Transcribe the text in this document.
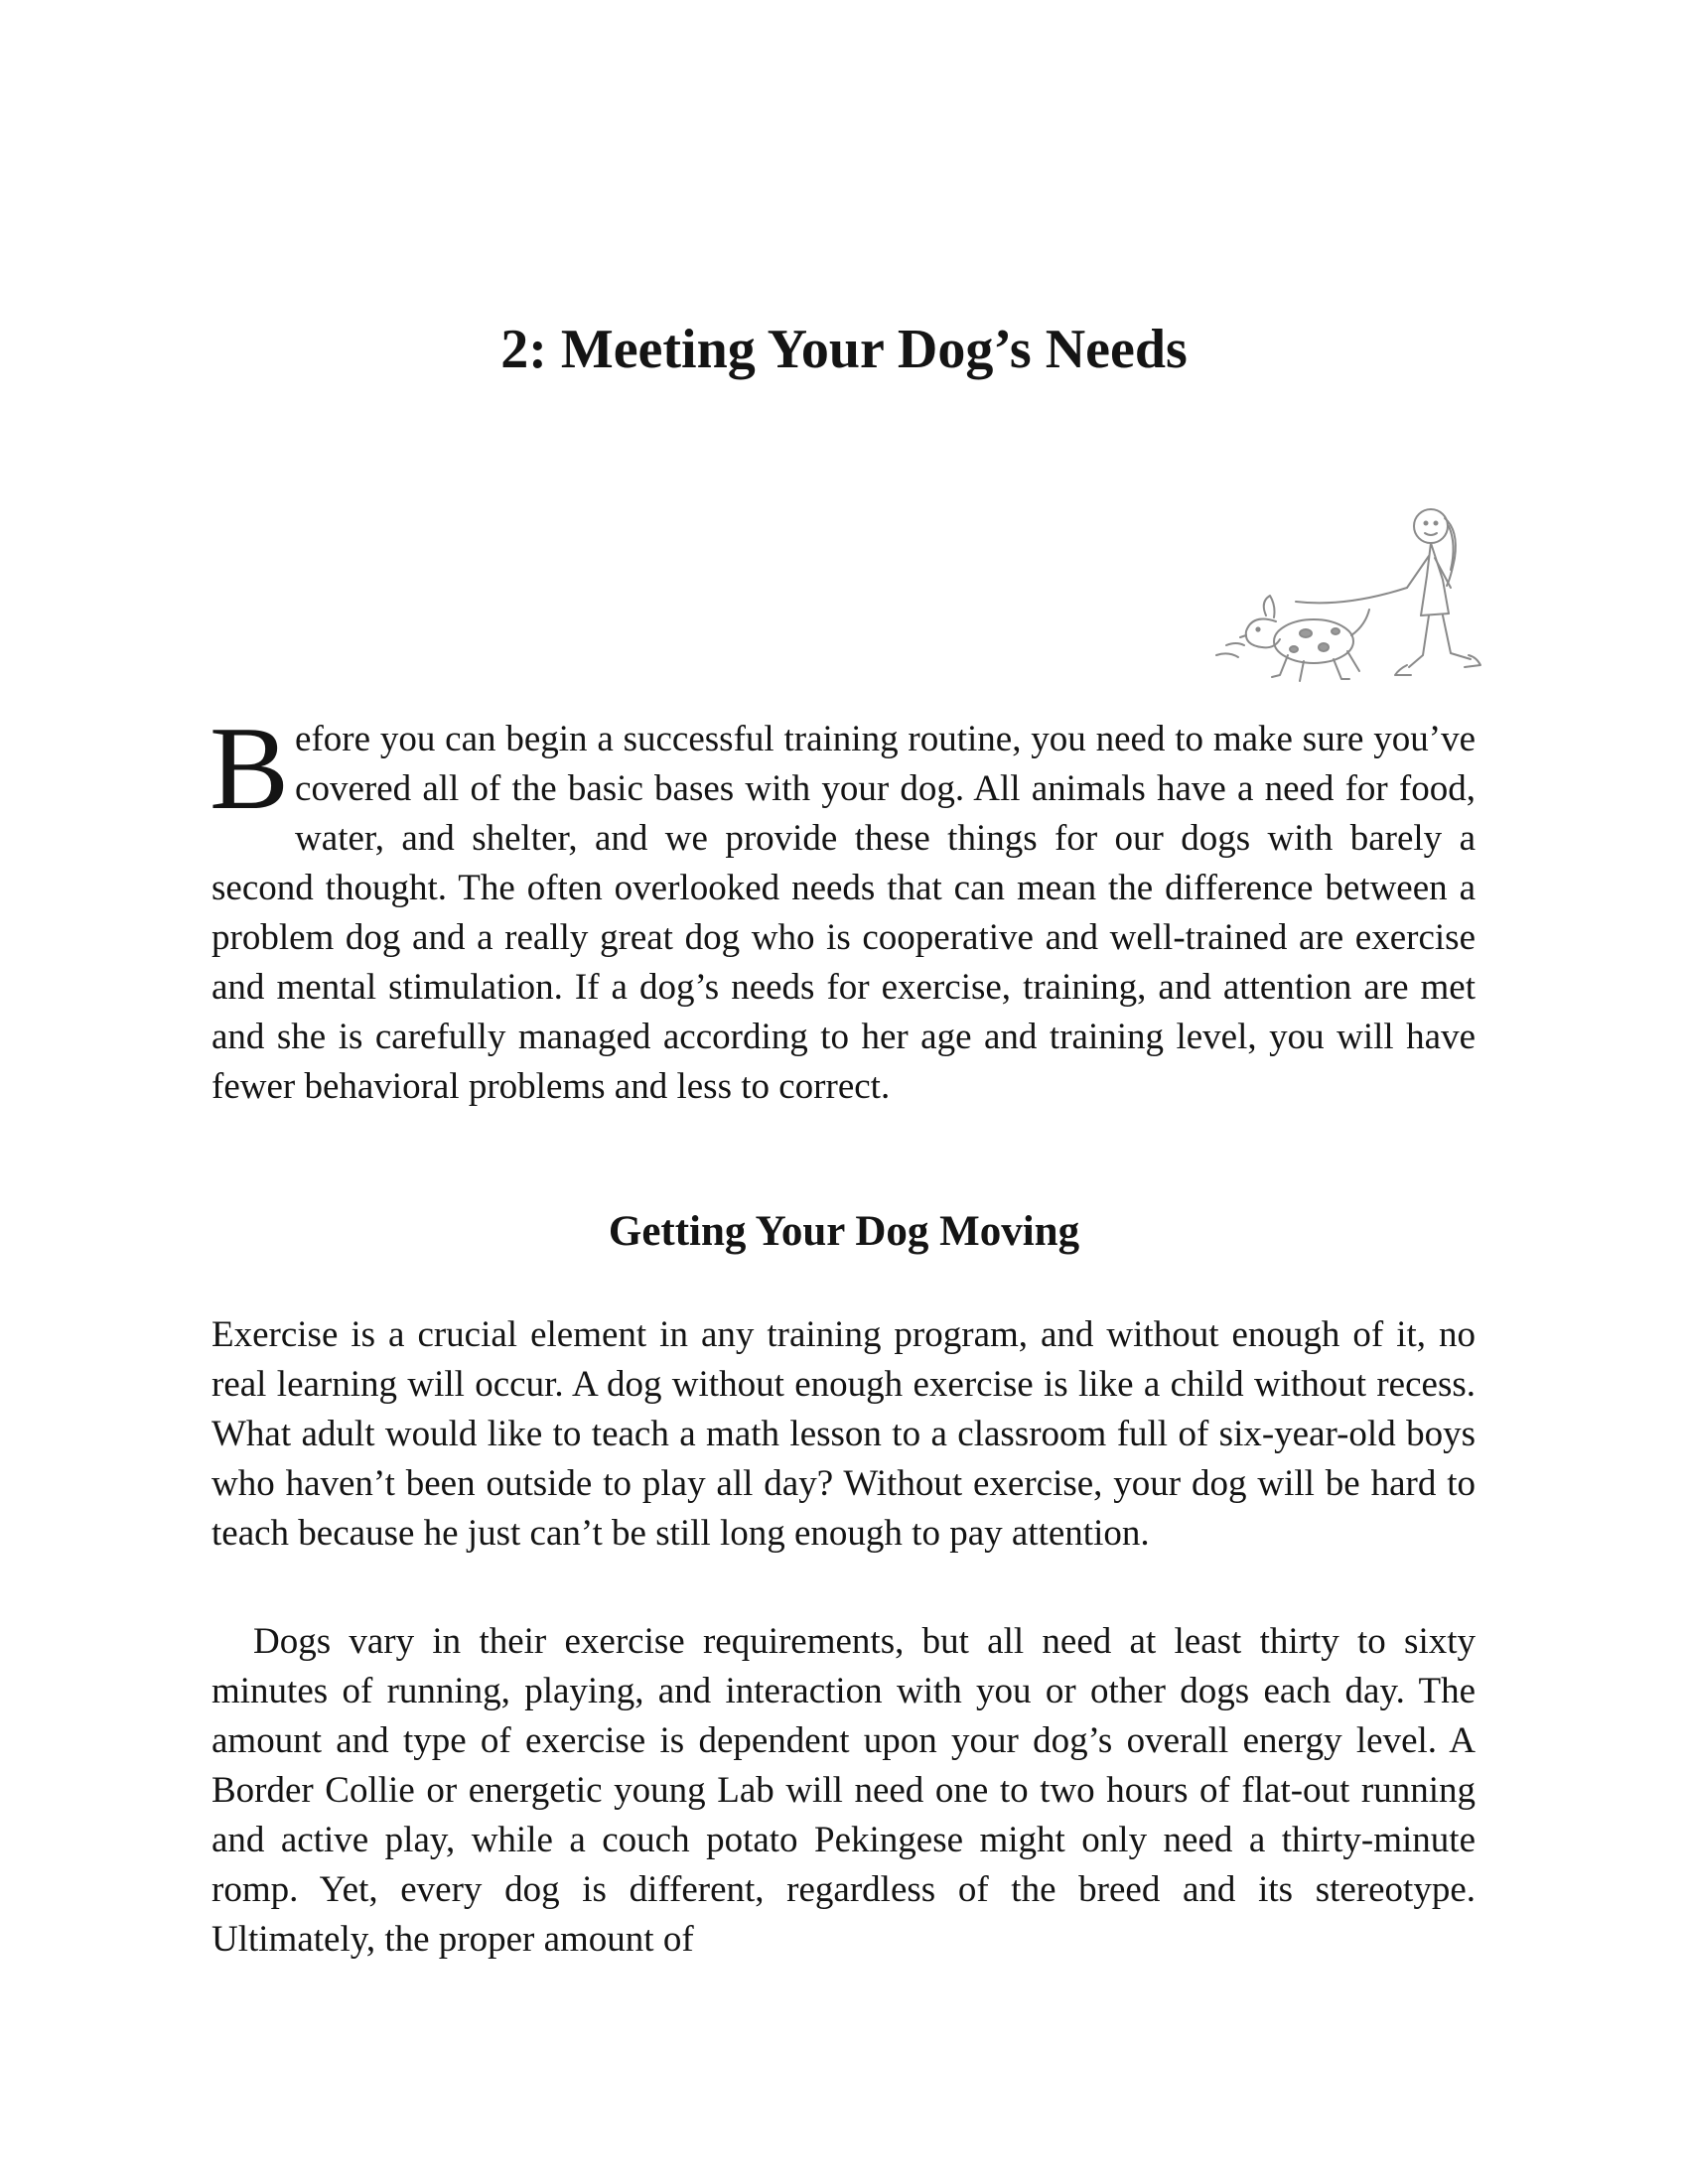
2: Meeting Your Dog’s Needs

Before you can begin a successful training routine, you need to make sure you’ve covered all of the basic bases with your dog. All animals have a need for food, water, and shelter, and we provide these things for our dogs with barely a second thought. The often overlooked needs that can mean the difference between a problem dog and a really great dog who is cooperative and well-trained are exercise and mental stimulation. If a dog’s needs for exercise, training, and attention are met and she is carefully managed according to her age and training level, you will have fewer behavioral problems and less to correct.

Getting Your Dog Moving

Exercise is a crucial element in any training program, and without enough of it, no real learning will occur. A dog without enough exercise is like a child without recess. What adult would like to teach a math lesson to a classroom full of six-year-old boys who haven’t been outside to play all day? Without exercise, your dog will be hard to teach because he just can’t be still long enough to pay attention.

Dogs vary in their exercise requirements, but all need at least thirty to sixty minutes of running, playing, and interaction with you or other dogs each day. The amount and type of exercise is dependent upon your dog’s overall energy level. A Border Collie or energetic young Lab will need one to two hours of flat-out running and active play, while a couch potato Pekingese might only need a thirty-minute romp. Yet, every dog is different, regardless of the breed and its stereotype. Ultimately, the proper amount of
